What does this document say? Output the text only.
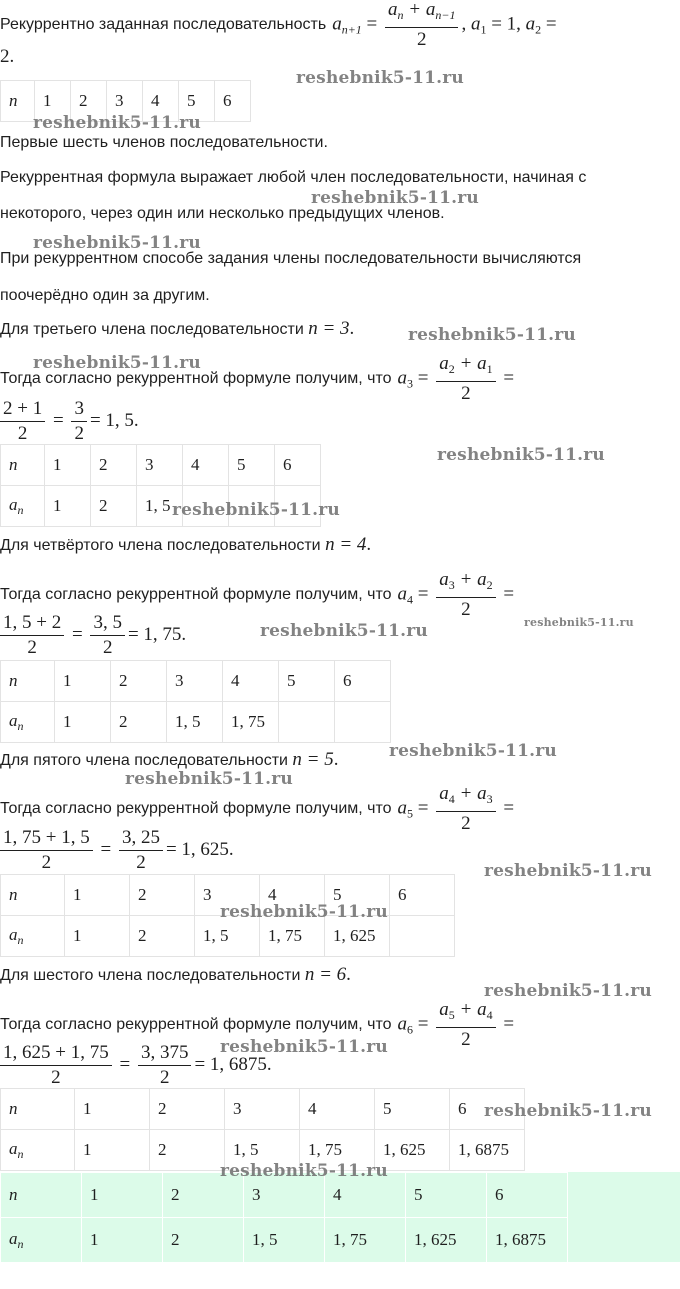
Рекуррентно заданная последовательность $a_{n+1} = \frac{a_n + a_{n-1}}{2}$ , $a_1 = 1$, $a_2$ =
2.
n	1	2	3	4	5	6
Первые шесть членов последовательности.
Рекуррентная формула выражает любой член последовательности, начиная с
некоторого, через один или несколько предыдущих членов.
При рекуррентном способе задания члены последовательности вычисляются
поочерёдно один за другим.
Для третьего члена последовательности n = 3.
Тогда согласно рекуррентной формуле получим, что $a_3 = \frac{a_2 + a_1}{2}$ =
$\frac{2 + 1}{2} = \frac{3}{2} = 1$, 5.
n	1	2	3	4	5	6
$a_n$	1	2	1, 5			
Для четвёртого члена последовательности n = 4.
Тогда согласно рекуррентной формуле получим, что $a_4 = \frac{a_3 + a_2}{2}$ =
$\frac{1, 5 + 2}{2} = \frac{3, 5}{2} = 1$, 75.
n	1	2	3	4	5	6
$a_n$	1	2	1, 5	1, 75		
Для пятого члена последовательности n = 5.
Тогда согласно рекуррентной формуле получим, что $a_5 = \frac{a_4 + a_3}{2}$ =
$\frac{1, 75 + 1, 5}{2} = \frac{3, 25}{2} = 1$, 625.
n	1	2	3	4	5	6
$a_n$	1	2	1, 5	1, 75	1, 625	
Для шестого члена последовательности n = 6.
Тогда согласно рекуррентной формуле получим, что $a_6 = \frac{a_5 + a_4}{2}$ =
$\frac{1, 625 + 1, 75}{2} = \frac{3, 375}{2} = 1$, 6875.
n	1	2	3	4	5	6
$a_n$	1	2	1, 5	1, 75	1, 625	1, 6875
n	1	2	3	4	5	6
$a_n$	1	2	1, 5	1, 75	1, 625	1, 6875
reshebnik5-11.ru
reshebnik5-11.ru
reshebnik5-11.ru
reshebnik5-11.ru
reshebnik5-11.ru
reshebnik5-11.ru
reshebnik5-11.ru
reshebnik5-11.ru
reshebnik5-11.ru	reshebnik5-11.ru
reshebnik5-11.ru
reshebnik5-11.ru
reshebnik5-11.ru
reshebnik5-11.ru
reshebnik5-11.ru
reshebnik5-11.ru
reshebnik5-11.ru
reshebnik5-11.ru
